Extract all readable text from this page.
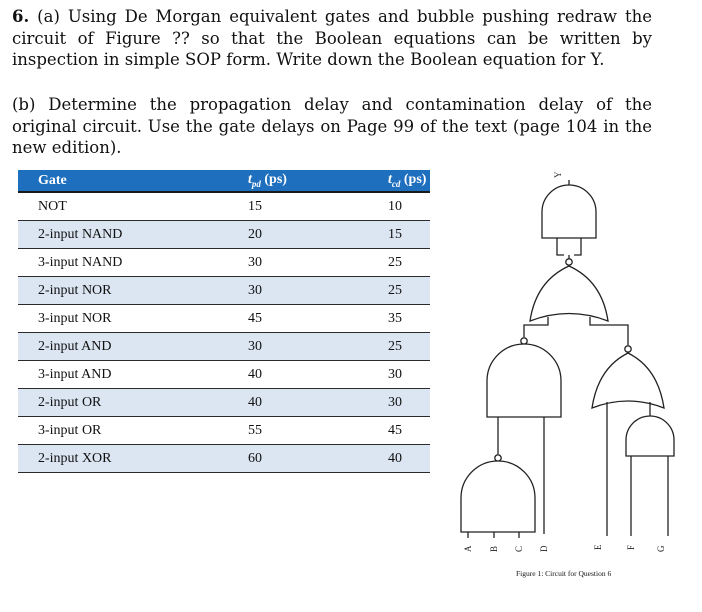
6. (a) Using De Morgan equivalent gates and bubble pushing redraw the circuit of Figure ?? so that the Boolean equations can be written by inspection in simple SOP form. Write down the Boolean equation for Y.

(b) Determine the propagation delay and contamination delay of the original circuit. Use the gate delays on Page 99 of the text (page 104 in the new edition).

Gate	$t_{pd}$ (ps)	$t_{cd}$ (ps)
NOT	15	10
2-input NAND	20	15
3-input NAND	30	25
2-input NOR	30	25
3-input NOR	45	35
2-input AND	30	25
3-input AND	40	30
2-input OR	40	30
3-input OR	55	45
2-input XOR	60	40
Y
A B C D	E	F G
Figure 1: Circuit for Question 6
